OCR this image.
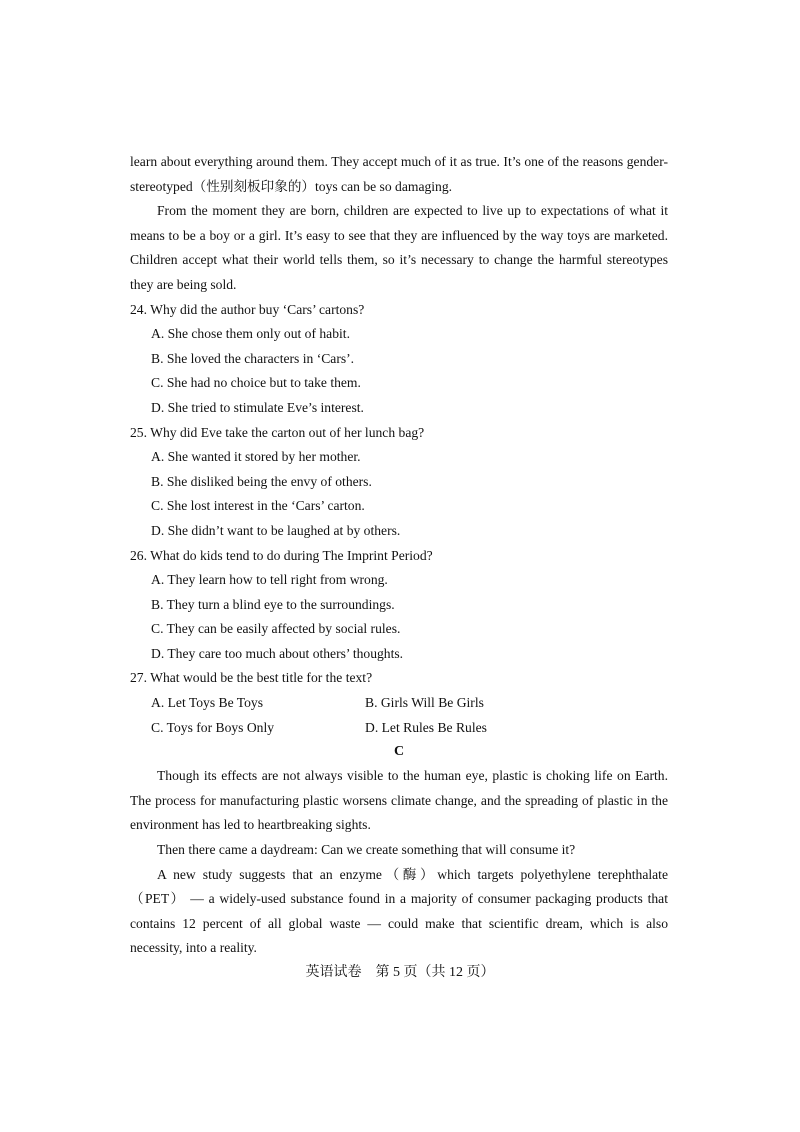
learn about everything around them. They accept much of it as true. It’s one of the reasons gender-stereotyped（性别刻板印象的）toys can be so damaging.

From the moment they are born, children are expected to live up to expectations of what it means to be a boy or a girl. It’s easy to see that they are influenced by the way toys are marketed. Children accept what their world tells them, so it’s necessary to change the harmful stereotypes they are being sold.

24. Why did the author buy ‘Cars’ cartons?

A. She chose them only out of habit.

B. She loved the characters in ‘Cars’.

C. She had no choice but to take them.

D. She tried to stimulate Eve’s interest.

25. Why did Eve take the carton out of her lunch bag?

A. She wanted it stored by her mother.

B. She disliked being the envy of others.

C. She lost interest in the ‘Cars’ carton.

D. She didn’t want to be laughed at by others.

26. What do kids tend to do during The Imprint Period?

A. They learn how to tell right from wrong.

B. They turn a blind eye to the surroundings.

C. They can be easily affected by social rules.

D. They care too much about others’ thoughts.

27. What would be the best title for the text?

A. Let Toys Be Toys	B. Girls Will Be Girls
C. Toys for Boys Only	D. Let Rules Be Rules

C

Though its effects are not always visible to the human eye, plastic is choking life on Earth. The process for manufacturing plastic worsens climate change, and the spreading of plastic in the environment has led to heartbreaking sights.

Then there came a daydream: Can we create something that will consume it?

A new study suggests that an enzyme（酶）which targets polyethylene terephthalate（PET） — a widely-used substance found in a majority of consumer packaging products that contains 12 percent of all global waste — could make that scientific dream, which is also necessity, into a reality.

英语试卷　第 5 页（共 12 页）
